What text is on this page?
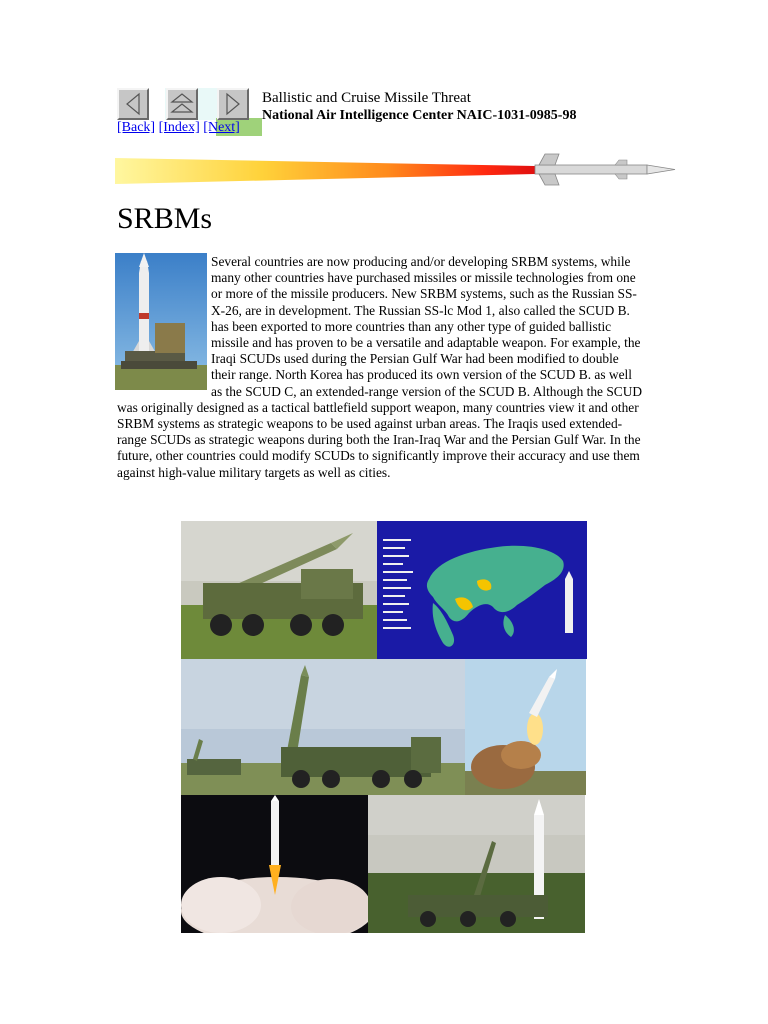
[Back] [Index] [Next]
Ballistic and Cruise Missile Threat
National Air Intelligence Center NAIC-1031-0985-98
SRBMs

Several countries are now producing and/or developing SRBM systems, while many other countries have purchased missiles or missile technologies from one or more of the missile producers. New SRBM systems, such as the Russian SS-X-26, are in development. The Russian SS-lc Mod 1, also called the SCUD B. has been exported to more countries than any other type of guided ballistic missile and has proven to be a versatile and adaptable weapon. For example, the Iraqi SCUDs used during the Persian Gulf War had been modified to double their range. North Korea has produced its own version of the SCUD B. as well as the SCUD C, an extended-range version of the SCUD B. Although the SCUD was originally designed as a tactical battlefield support weapon, many countries view it and other SRBM systems as strategic weapons to be used against urban areas. The Iraqis used extended- range SCUDs as strategic weapons during both the Iran-Iraq War and the Persian Gulf War. In the future, other countries could modify SCUDs to significantly improve their accuracy and use them against high-value military targets as well as cities.
